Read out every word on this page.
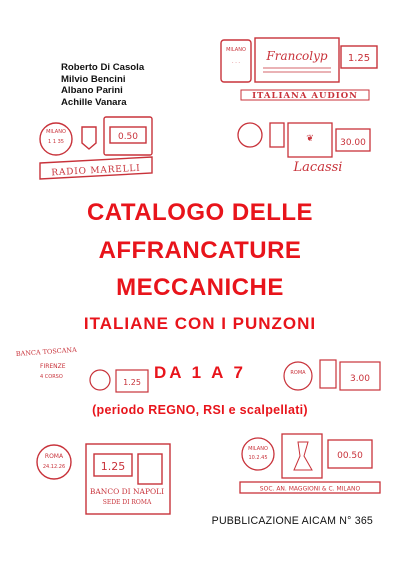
Roberto Di Casola
Milvio Bencini
Albano Parini
Achille Vanara
MILANO
· · · Francolyp 1.25
ITALIANA AUDION
MILANO
1 1 35	0.50
RADIO MARELLI
❦	30.00
Lacassi
BANCA TOSCANA
FIRENZE
4 CORSO
1.25
ROMA
3.00
ROMA
24.12.26	1.25
BANCO DI NAPOLI
SEDE DI ROMA
MILANO
10.2.45	00.50
SOC. AN. MAGGIONI & C. MILANO
CATALOGO DELLE
AFFRANCATURE
MECCANICHE
ITALIANE CON I PUNZONI
DA 1 A 7
(periodo REGNO, RSI e scalpellati)
PUBBLICAZIONE AICAM N° 365
